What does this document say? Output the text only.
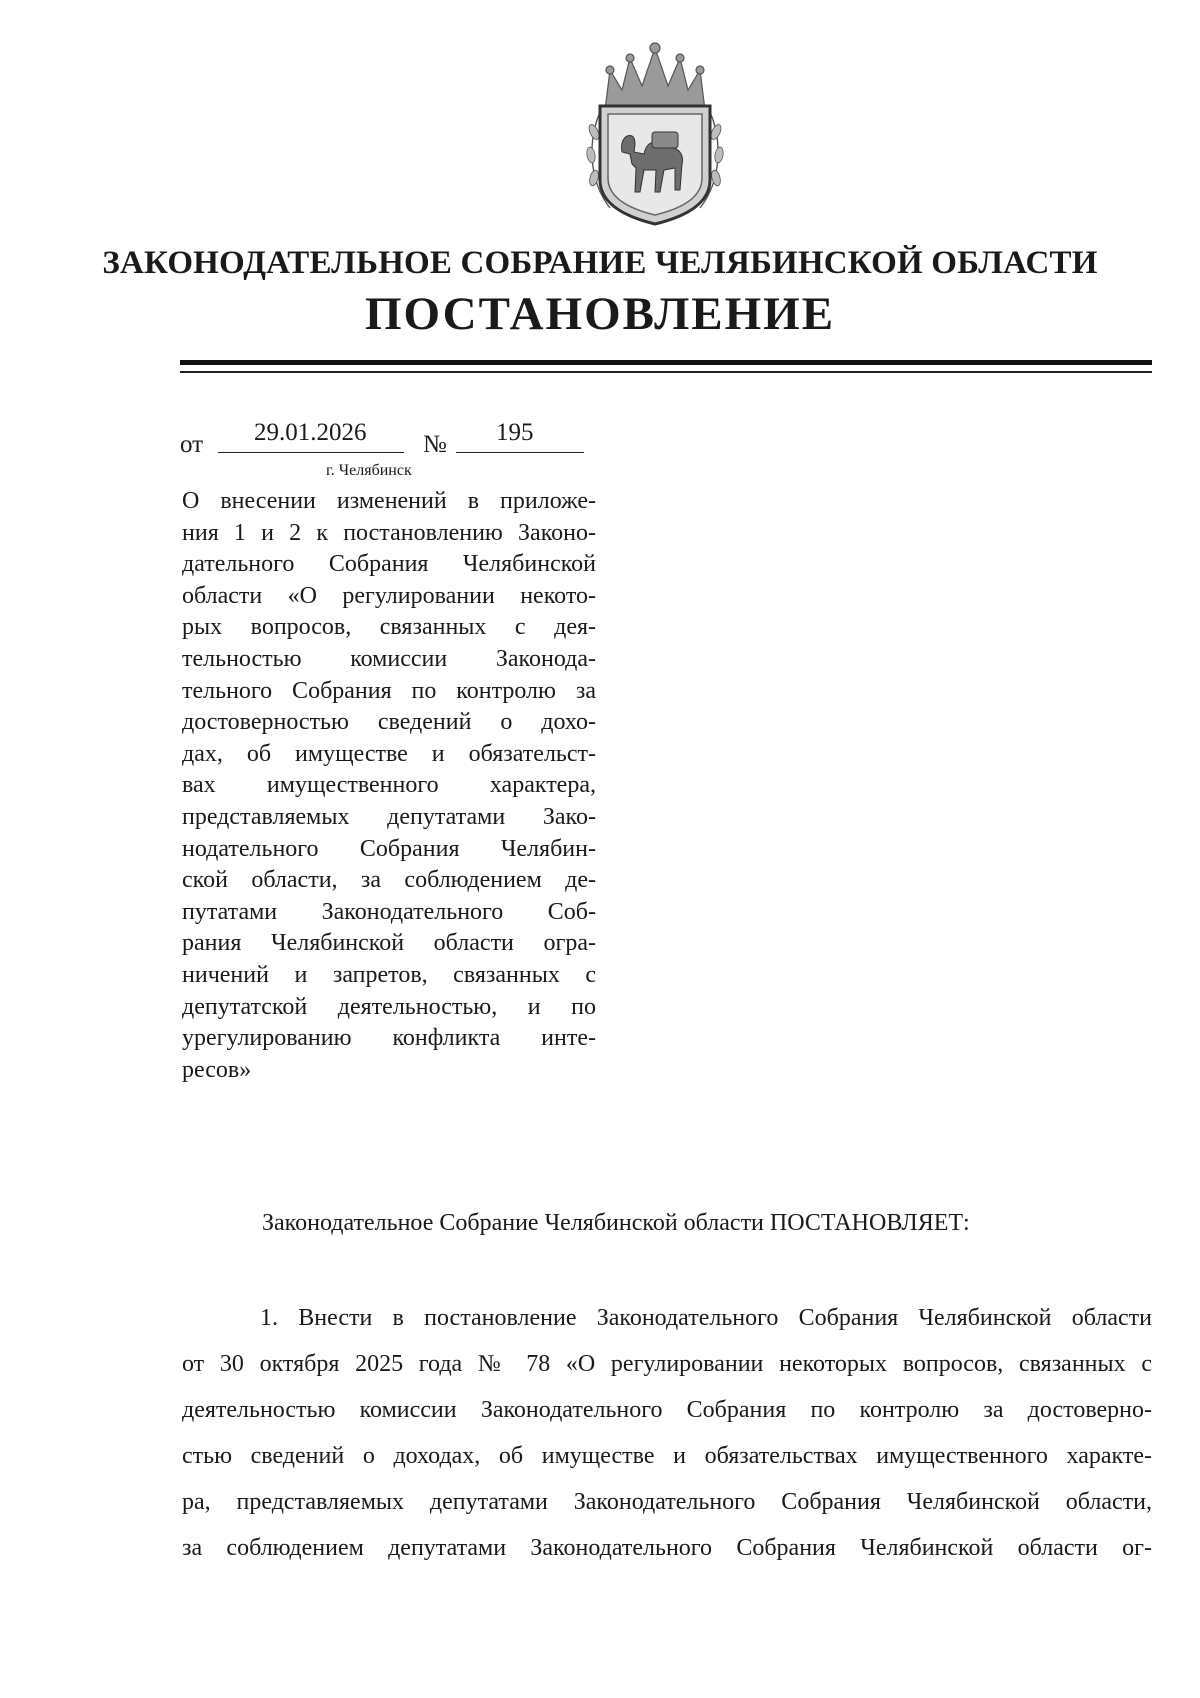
ЗАКОНОДАТЕЛЬНОЕ СОБРАНИЕ ЧЕЛЯБИНСКОЙ ОБЛАСТИ
ПОСТАНОВЛЕНИЕ
от 29.01.2026 № 195
г. Челябинск
О внесении изменений в приложе-
ния 1 и 2 к постановлению Законо-
дательного Собрания Челябинской
области «О регулировании некото-
рых вопросов, связанных с дея-
тельностью комиссии Законода-
тельного Собрания по контролю за
достоверностью сведений о дохо-
дах, об имуществе и обязательст-
вах имущественного характера,
представляемых депутатами Зако-
нодательного Собрания Челябин-
ской области, за соблюдением де-
путатами Законодательного Соб-
рания Челябинской области огра-
ничений и запретов, связанных с
депутатской деятельностью, и по
урегулированию конфликта инте-
ресов»
Законодательное Собрание Челябинской области ПОСТАНОВЛЯЕТ:
1. Внести в постановление Законодательного Собрания Челябинской области
от 30 октября 2025 года № 78 «О регулировании некоторых вопросов, связанных с
деятельностью комиссии Законодательного Собрания по контролю за достоверно-
стью сведений о доходах, об имуществе и обязательствах имущественного характе-
ра, представляемых депутатами Законодательного Собрания Челябинской области,
за соблюдением депутатами Законодательного Собрания Челябинской области ог-
